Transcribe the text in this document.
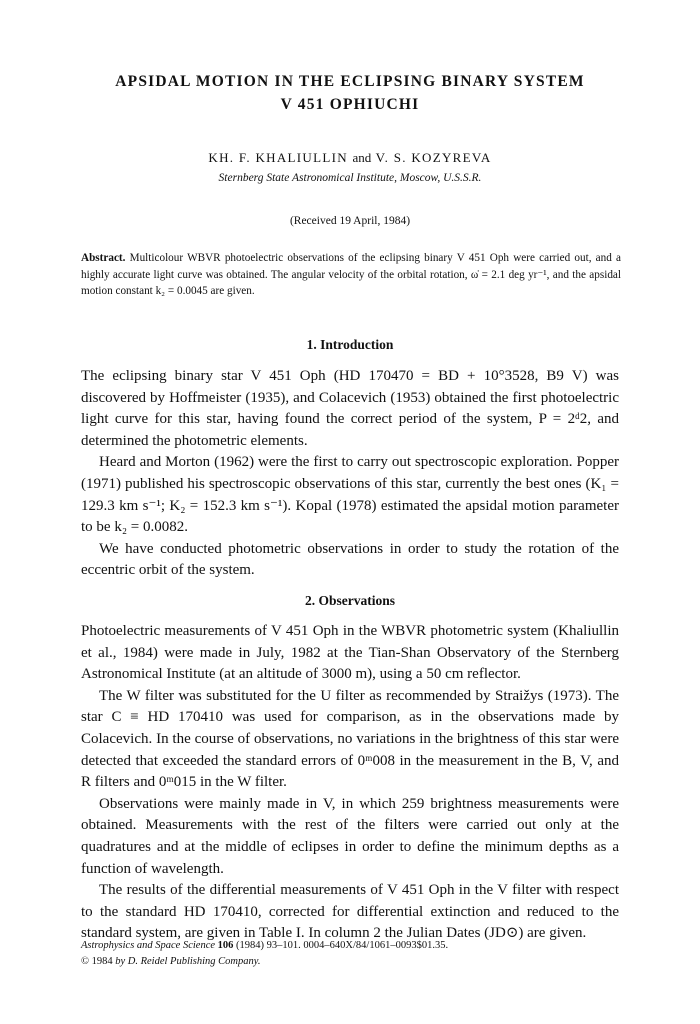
APSIDAL MOTION IN THE ECLIPSING BINARY SYSTEM
V 451 OPHIUCHI
KH. F. KHALIULLIN and V. S. KOZYREVA
Sternberg State Astronomical Institute, Moscow, U.S.S.R.
(Received 19 April, 1984)
Abstract. Multicolour WBVR photoelectric observations of the eclipsing binary V 451 Oph were carried out, and a highly accurate light curve was obtained. The angular velocity of the orbital rotation, ω̇ = 2.1 deg yr⁻¹, and the apsidal motion constant k₂ = 0.0045 are given.
1. Introduction

The eclipsing binary star V 451 Oph (HD 170470 = BD + 10°3528, B9 V) was discovered by Hoffmeister (1935), and Colacevich (1953) obtained the first photoelectric light curve for this star, having found the correct period of the system, P = 2ᵈ2, and determined the photometric elements.

Heard and Morton (1962) were the first to carry out spectroscopic exploration. Popper (1971) published his spectroscopic observations of this star, currently the best ones (K₁ = 129.3 km s⁻¹; K₂ = 152.3 km s⁻¹). Kopal (1978) estimated the apsidal motion parameter to be k₂ = 0.0082.

We have conducted photometric observations in order to study the rotation of the eccentric orbit of the system.

2. Observations

Photoelectric measurements of V 451 Oph in the WBVR photometric system (Khaliullin et al., 1984) were made in July, 1982 at the Tian-Shan Observatory of the Sternberg Astronomical Institute (at an altitude of 3000 m), using a 50 cm reflector.

The W filter was substituted for the U filter as recommended by Straižys (1973). The star C ≡ HD 170410 was used for comparison, as in the observations made by Colacevich. In the course of observations, no variations in the brightness of this star were detected that exceeded the standard errors of 0ᵐ008 in the measurement in the B, V, and R filters and 0ᵐ015 in the W filter.

Observations were mainly made in V, in which 259 brightness measurements were obtained. Measurements with the rest of the filters were carried out only at the quadratures and at the middle of eclipses in order to define the minimum depths as a function of wavelength.

The results of the differential measurements of V 451 Oph in the V filter with respect to the standard HD 170410, corrected for differential extinction and reduced to the standard system, are given in Table I. In column 2 the Julian Dates (JD⊙) are given.

Astrophysics and Space Science 106 (1984) 93–101. 0004–640X/84/1061–0093$01.35.
© 1984 by D. Reidel Publishing Company.
